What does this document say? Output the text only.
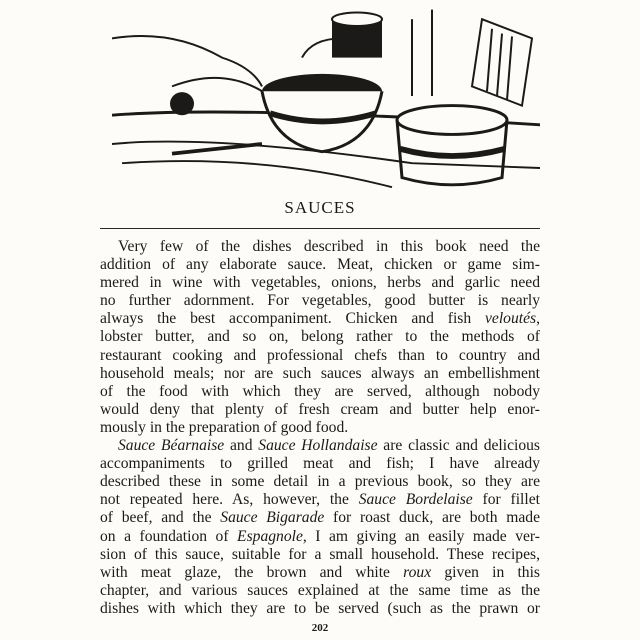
SAUCES
Very few of the dishes described in this book need the
addition of any elaborate sauce. Meat, chicken or game sim-
mered in wine with vegetables, onions, herbs and garlic need
no further adornment. For vegetables, good butter is nearly
always the best accompaniment. Chicken and fish veloutés,
lobster butter, and so on, belong rather to the methods of
restaurant cooking and professional chefs than to country and
household meals; nor are such sauces always an embellishment
of the food with which they are served, although nobody
would deny that plenty of fresh cream and butter help enor-
mously in the preparation of good food.
Sauce Béarnaise and Sauce Hollandaise are classic and delicious
accompaniments to grilled meat and fish; I have already
described these in some detail in a previous book, so they are
not repeated here. As, however, the Sauce Bordelaise for fillet
of beef, and the Sauce Bigarade for roast duck, are both made
on a foundation of Espagnole, I am giving an easily made ver-
sion of this sauce, suitable for a small household. These recipes,
with meat glaze, the brown and white roux given in this
chapter, and various sauces explained at the same time as the
dishes with which they are to be served (such as the prawn or
202
